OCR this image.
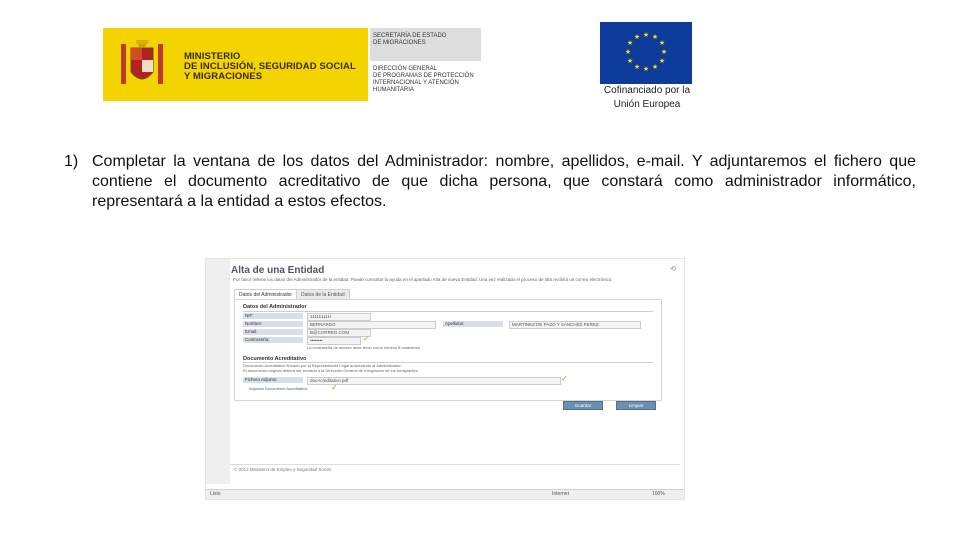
MINISTERIO
DE INCLUSIÓN, SEGURIDAD SOCIAL
Y MIGRACIONES
SECRETARÍA DE ESTADO
DE MIGRACIONES
DIRECCIÓN GENERAL
DE PROGRAMAS DE PROTECCIÓN
INTERNACIONAL Y ATENCIÓN
HUMANITARIA
★ ★
★
★
★
★
★
★
★
★
★
★
Cofinanciado por la
Unión Europea
1) Completar la ventana de los datos del Administrador: nombre, apellidos, e-mail. Y adjuntaremos el fichero que contiene el documento acreditativo de que dicha persona, que constará como administrador informático, representará a la entidad a estos efectos.
Alta de una Entidad	⟲
Por favor rellene los datos del Administrador de la entidad. Puede consultar la ayuda en el apartado Alta de nueva Entidad. Una vez realizado el proceso de alta recibirá un correo electrónico.
Datos del Administrador	Datos de la Entidad
Datos del Administrador
NIF:	11111111H
Nombre:	BERNARDO	Apellidos:	MARTINEZ DE PAZO Y SANCHEZ PEREZ
Email:	B@CORREO.COM
Contraseña:	••••••••	✓
La contraseña de acceso debe tener como mínimo 8 caracteres
Documento Acreditativo
Documento Acreditativo firmado por el Representante Legal autorizando al Administrador
El documento original deberá ser enviado a la Dirección General de Integración de los Inmigrantes
Fichero Adjunto:	docAcreditativo.pdf	✓
Adjuntar Documento Acreditativo	✓
Guardar	Limpiar
© 2013 Ministerio de Empleo y Seguridad Social
Listo	Internet	100%
